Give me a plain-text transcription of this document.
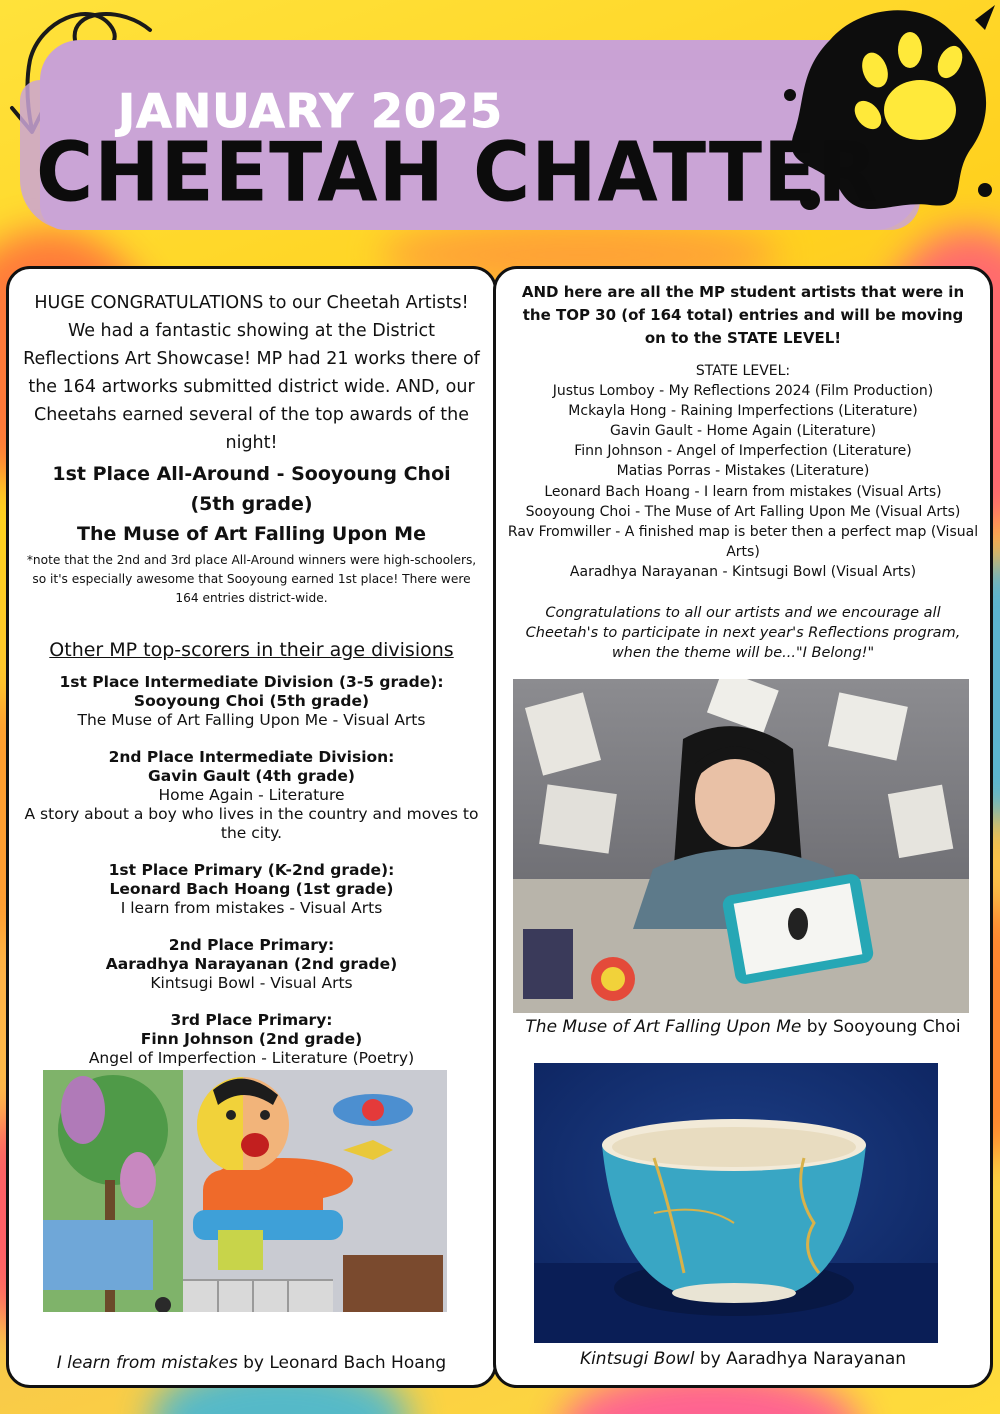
JANUARY 2025
CHEETAH CHATTER

HUGE CONGRATULATIONS to our Cheetah Artists! We had a fantastic showing at the District Reflections Art Showcase! MP had 21 works there of the 164 artworks submitted district wide. AND, our Cheetahs earned several of the top awards of the night!

1st Place All-Around - Sooyoung Choi
(5th grade)
The Muse of Art Falling Upon Me

*note that the 2nd and 3rd place All-Around winners were high-schoolers, so it's especially awesome that Sooyoung earned 1st place! There were 164 entries district-wide.

Other MP top-scorers in their age divisions

1st Place Intermediate Division (3-5 grade):
Sooyoung Choi (5th grade)
The Muse of Art Falling Upon Me - Visual Arts
2nd Place Intermediate Division:
Gavin Gault (4th grade)
Home Again - Literature
A story about a boy who lives in the country and moves to the city.
1st Place Primary (K-2nd grade):
Leonard Bach Hoang (1st grade)
I learn from mistakes - Visual Arts
2nd Place Primary:
Aaradhya Narayanan (2nd grade)
Kintsugi Bowl - Visual Arts
3rd Place Primary:
Finn Johnson (2nd grade)
Angel of Imperfection - Literature (Poetry)

I learn from mistakes by Leonard Bach Hoang

AND here are all the MP student artists that were in the TOP 30 (of 164 total) entries and will be moving on to the STATE LEVEL!

STATE LEVEL:
Justus Lomboy - My Reflections 2024 (Film Production)
Mckayla Hong - Raining Imperfections (Literature)
Gavin Gault - Home Again (Literature)
Finn Johnson - Angel of Imperfection (Literature)
Matias Porras - Mistakes (Literature)
Leonard Bach Hoang - I learn from mistakes (Visual Arts)
Sooyoung Choi - The Muse of Art Falling Upon Me (Visual Arts)
Rav Fromwiller - A finished map is beter then a perfect map (Visual Arts)
Aaradhya Narayanan - Kintsugi Bowl (Visual Arts)

Congratulations to all our artists and we encourage all Cheetah's to participate in next year's Reflections program, when the theme will be..."I Belong!"

The Muse of Art Falling Upon Me by Sooyoung Choi

Kintsugi Bowl by Aaradhya Narayanan
